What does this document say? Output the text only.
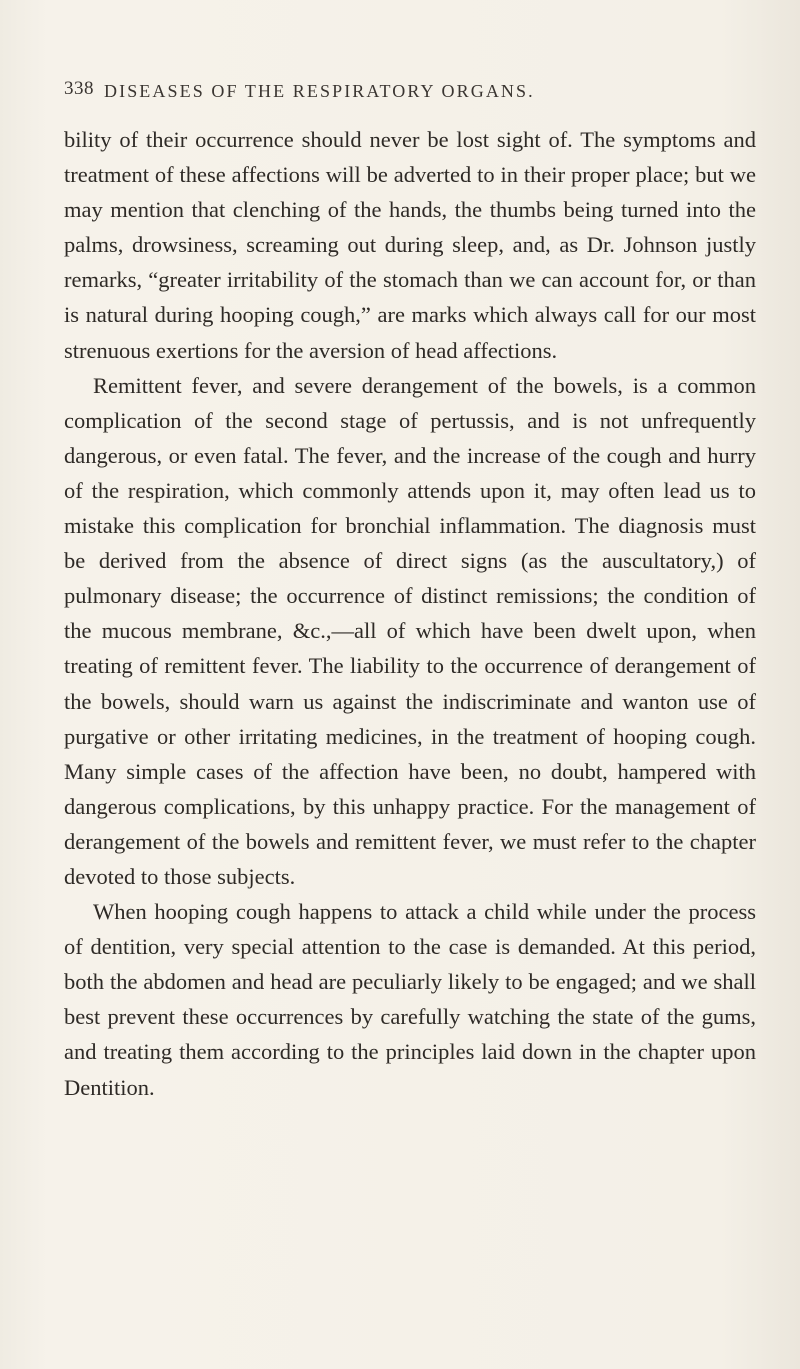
338 DISEASES OF THE RESPIRATORY ORGANS.

bility of their occurrence should never be lost sight of. The symptoms and treatment of these affections will be adverted to in their proper place; but we may mention that clenching of the hands, the thumbs being turned into the palms, drowsiness, screaming out during sleep, and, as Dr. Johnson justly remarks, “greater irritability of the stomach than we can account for, or than is natural during hooping cough,” are marks which always call for our most strenuous exertions for the aversion of head affections.

Remittent fever, and severe derangement of the bowels, is a common complication of the second stage of pertussis, and is not unfrequently dangerous, or even fatal. The fever, and the increase of the cough and hurry of the respiration, which commonly attends upon it, may often lead us to mistake this complication for bronchial inflammation. The diagnosis must be derived from the absence of direct signs (as the auscultatory,) of pulmonary disease; the occurrence of distinct remissions; the condition of the mucous membrane, &c.,—all of which have been dwelt upon, when treating of remittent fever. The liability to the occurrence of derangement of the bowels, should warn us against the indiscriminate and wanton use of purgative or other irritating medicines, in the treatment of hooping cough. Many simple cases of the affection have been, no doubt, hampered with dangerous complications, by this unhappy practice. For the management of derangement of the bowels and remittent fever, we must refer to the chapter devoted to those subjects.

When hooping cough happens to attack a child while under the process of dentition, very special attention to the case is demanded. At this period, both the abdomen and head are peculiarly likely to be engaged; and we shall best prevent these occurrences by carefully watching the state of the gums, and treating them according to the principles laid down in the chapter upon Dentition.
